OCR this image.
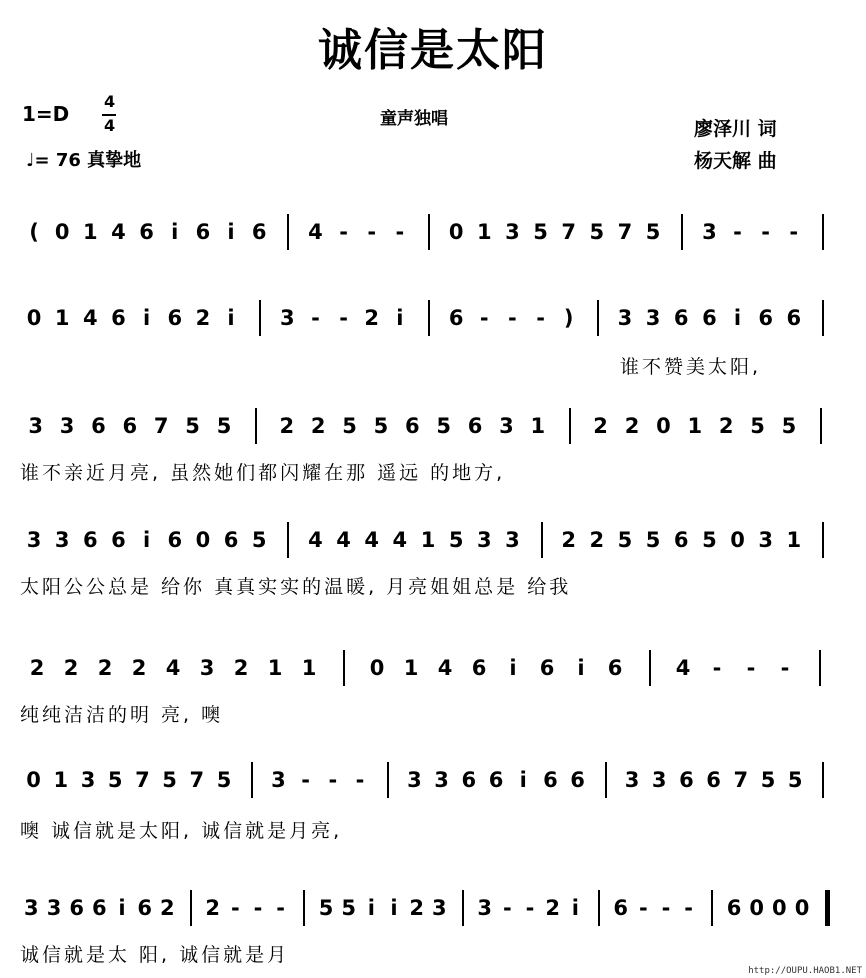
诚信是太阳
1=D
4
4
♩= 76 真挚地
童声独唱	廖泽川 词
杨天解 曲
( 0 1 4 6 i 6 i 6 4 - - -	0 1 3 5 7 5 7 5 3 - - -
0 1 4 6 i 6 2 i	3 - - 2 i	6 - - - ) 3 3 6 6 i 6 6
谁不赞美太阳,
3 3 6 6 7 5 5 2 2 5 5 6 5 6 3 1 2 2 0 1 2 5 5
谁不亲近月亮, 虽然她们都闪耀在那 遥远 的地方,
3 3 6 6 i 6 0 6 5 4 4 4 4 1 5 3 3 2 2 5 5 6 5 0 3 1
太阳公公总是 给你 真真实实的温暖, 月亮姐姐总是 给我
2 2 2 2 4 3 2 1 1	0 1 4 6	i	6	i	6	4	-	-	-
纯纯洁洁的明 亮, 噢
0 1 3 5 7 5 7 5 3 - - -	3 3 6 6 i 6 6 3 3 6 6 7 5 5
噢 诚信就是太阳, 诚信就是月亮,
3 3 6 6 i 6 2 2 - - -	5 5 i i 2 3 3 - - 2 i	6 - - -	6 0 0 0
诚信就是太 阳, 诚信就是月
http://OUPU.HAOB1.NET
